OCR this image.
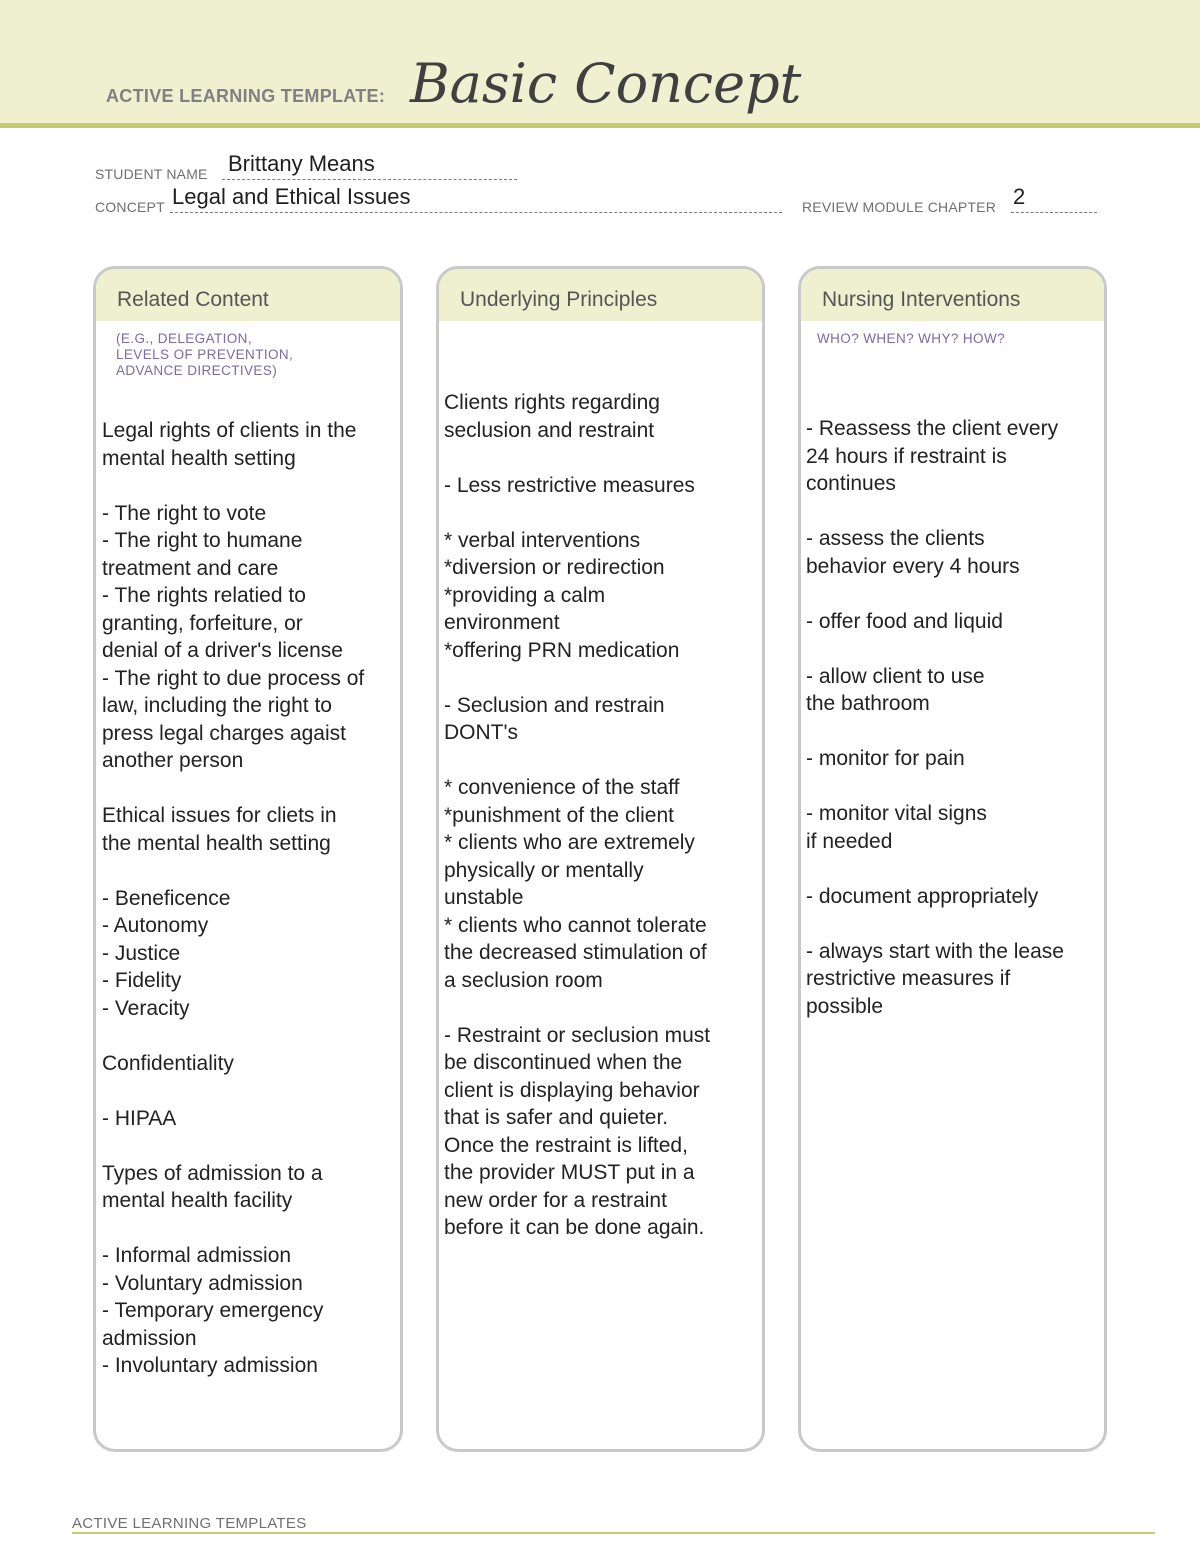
ACTIVE LEARNING TEMPLATE: Basic Concept
STUDENT NAME Brittany Means
CONCEPT Legal and Ethical Issues	REVIEW MODULE CHAPTER 2
Related Content
(E.G., DELEGATION,
LEVELS OF PREVENTION,
ADVANCE DIRECTIVES)
Legal rights of clients in the
mental health setting
- The right to vote
- The right to humane
treatment and care
- The rights relatied to
granting, forfeiture, or
denial of a driver's license
- The right to due process of
law, including the right to
press legal charges agaist
another person
Ethical issues for cliets in
the mental health setting
- Beneficence
- Autonomy
- Justice
- Fidelity
- Veracity
Confidentiality
- HIPAA
Types of admission to a
mental health facility
- Informal admission
- Voluntary admission
- Temporary emergency
admission
- Involuntary admission
Underlying Principles
Clients rights regarding
seclusion and restraint
- Less restrictive measures
* verbal interventions
*diversion or redirection
*providing a calm
environment
*offering PRN medication
- Seclusion and restrain
DONT's
* convenience of the staff
*punishment of the client
* clients who are extremely
physically or mentally
unstable
* clients who cannot tolerate
the decreased stimulation of
a seclusion room
- Restraint or seclusion must
be discontinued when the
client is displaying behavior
that is safer and quieter.
Once the restraint is lifted,
the provider MUST put in a
new order for a restraint
before it can be done again.
Nursing Interventions
WHO? WHEN? WHY? HOW?
- Reassess the client every
24 hours if restraint is
continues
- assess the clients
behavior every 4 hours
- offer food and liquid
- allow client to use
the bathroom
- monitor for pain
- monitor vital signs
if needed
- document appropriately
- always start with the lease
restrictive measures if
possible
ACTIVE LEARNING TEMPLATES
